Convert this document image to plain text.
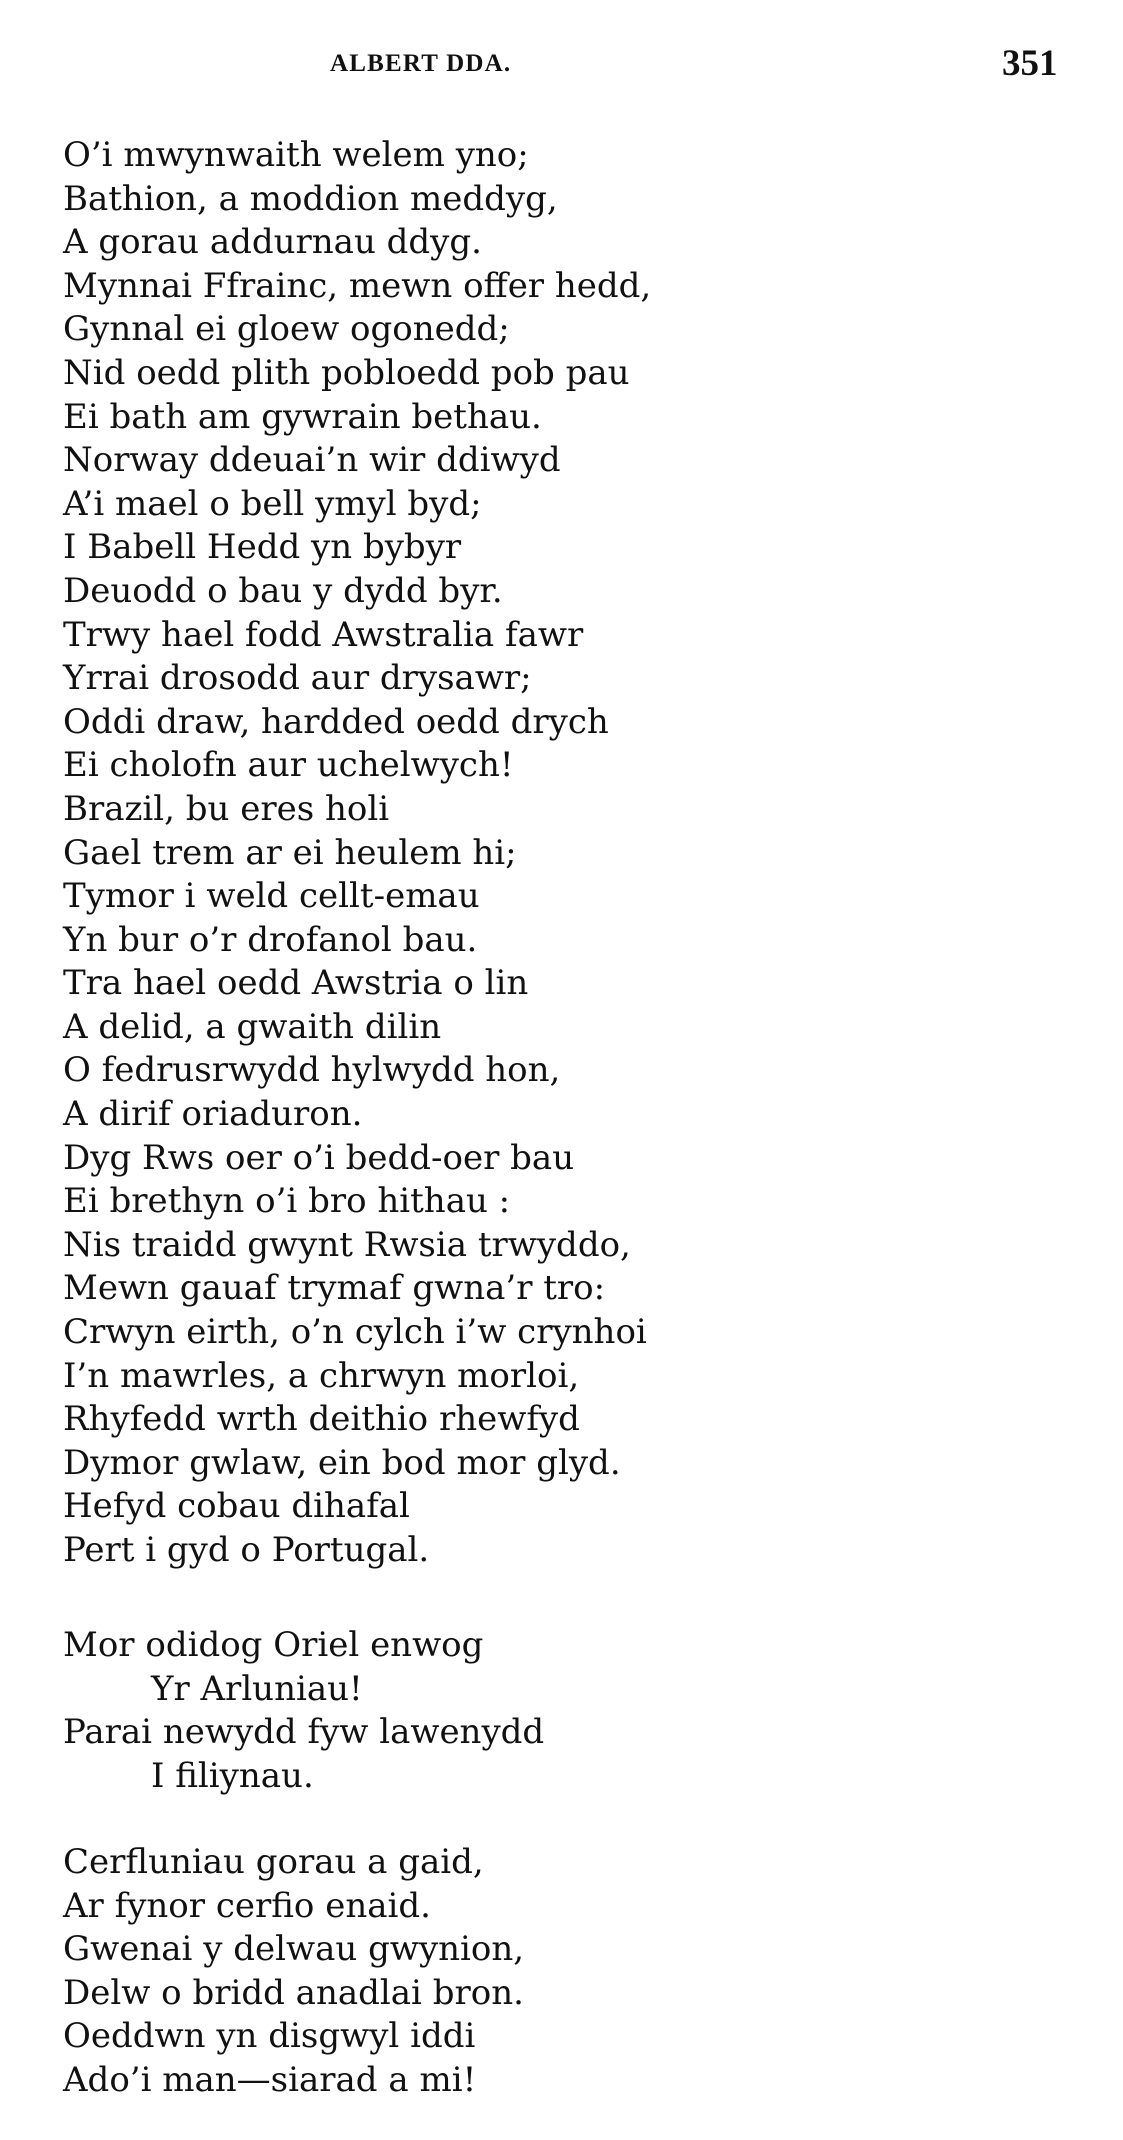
ALBERT DDA.	351
O’i mwynwaith welem yno;
Bathion, a moddion meddyg,
A gorau addurnau ddyg.
Mynnai Ffrainc, mewn offer hedd,
Gynnal ei gloew ogonedd;
Nid oedd plith pobloedd pob pau
Ei bath am gywrain bethau.
Norway ddeuai’n wir ddiwyd
A’i mael o bell ymyl byd;
I Babell Hedd yn bybyr
Deuodd o bau y dydd byr.
Trwy hael fodd Awstralia fawr
Yrrai drosodd aur drysawr;
Oddi draw, hardded oedd drych
Ei cholofn aur uchelwych!
Brazil, bu eres holi
Gael trem ar ei heulem hi;
Tymor i weld cellt-emau
Yn bur o’r drofanol bau.
Tra hael oedd Awstria o lin
A delid, a gwaith dilin
O fedrusrwydd hylwydd hon,
A dirif oriaduron.
Dyg Rws oer o’i bedd-oer bau
Ei brethyn o’i bro hithau :
Nis traidd gwynt Rwsia trwyddo,
Mewn gauaf trymaf gwna’r tro:
Crwyn eirth, o’n cylch i’w crynhoi
I’n mawrles, a chrwyn morloi,
Rhyfedd wrth deithio rhewfyd
Dymor gwlaw, ein bod mor glyd.
Hefyd cobau dihafal
Pert i gyd o Portugal.
Mor odidog Oriel enwog
Yr Arluniau!
Parai newydd fyw lawenydd
I filiynau.
Cerfluniau gorau a gaid,
Ar fynor cerfio enaid.
Gwenai y delwau gwynion,
Delw o bridd anadlai bron.
Oeddwn yn disgwyl iddi
Ado’i man—siarad a mi!
